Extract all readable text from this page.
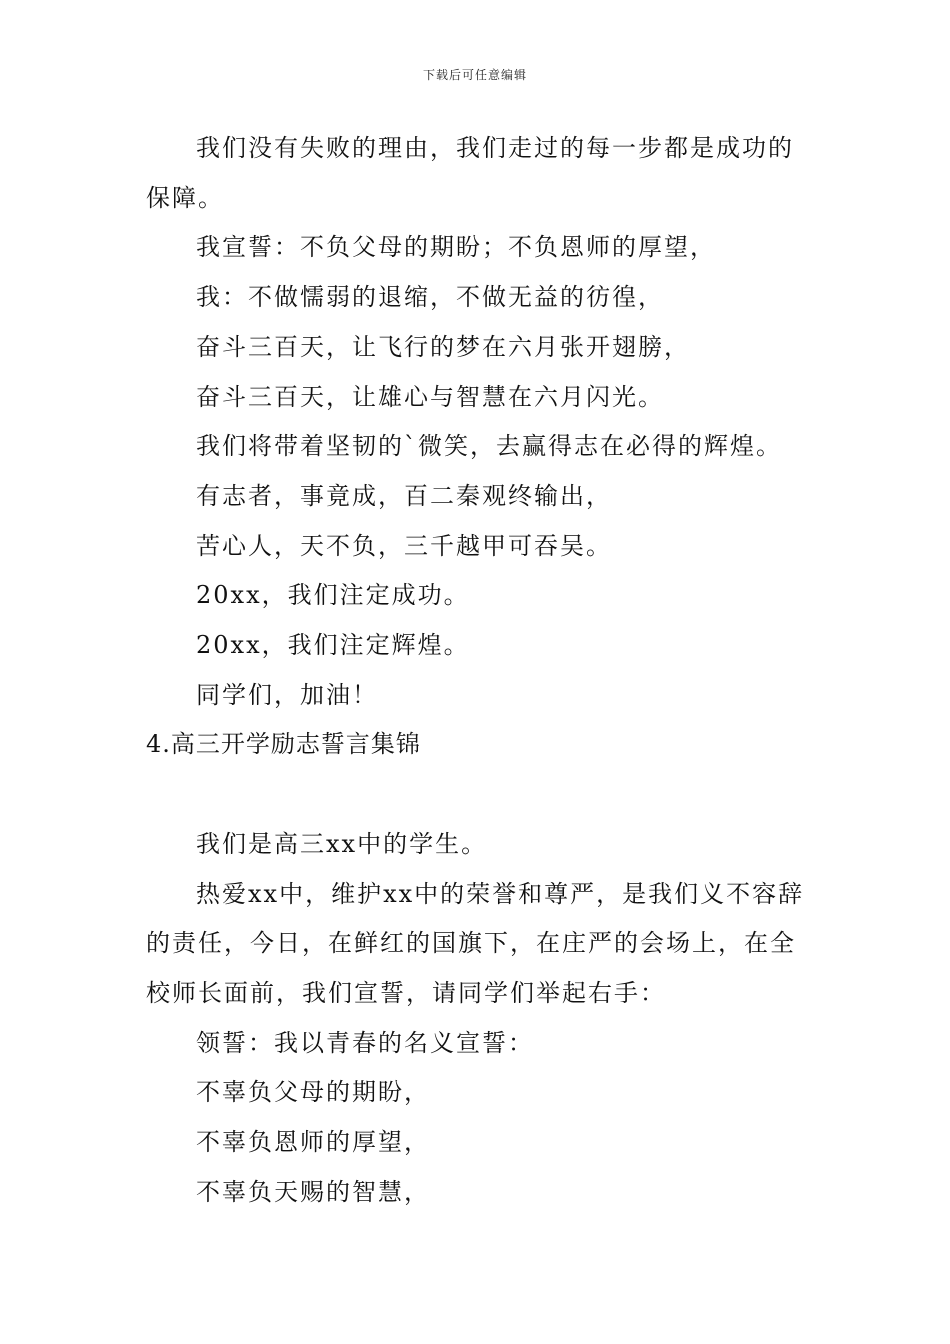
下载后可任意编辑

我们没有失败的理由，我们走过的每一步都是成功的保障。

我宣誓：不负父母的期盼；不负恩师的厚望，

我：不做懦弱的退缩，不做无益的彷徨，

奋斗三百天，让飞行的梦在六月张开翅膀，

奋斗三百天，让雄心与智慧在六月闪光。

我们将带着坚韧的`微笑，去赢得志在必得的辉煌。

有志者，事竟成，百二秦观终输出，

苦心人，天不负，三千越甲可吞吴。

20xx，我们注定成功。

20xx，我们注定辉煌。

同学们，加油！

4.高三开学励志誓言集锦

我们是高三xx中的学生。

热爱xx中，维护xx中的荣誉和尊严，是我们义不容辞的责任，今日，在鲜红的国旗下，在庄严的会场上，在全校师长面前，我们宣誓，请同学们举起右手：

领誓：我以青春的名义宣誓：

不辜负父母的期盼，

不辜负恩师的厚望，

不辜负天赐的智慧，
